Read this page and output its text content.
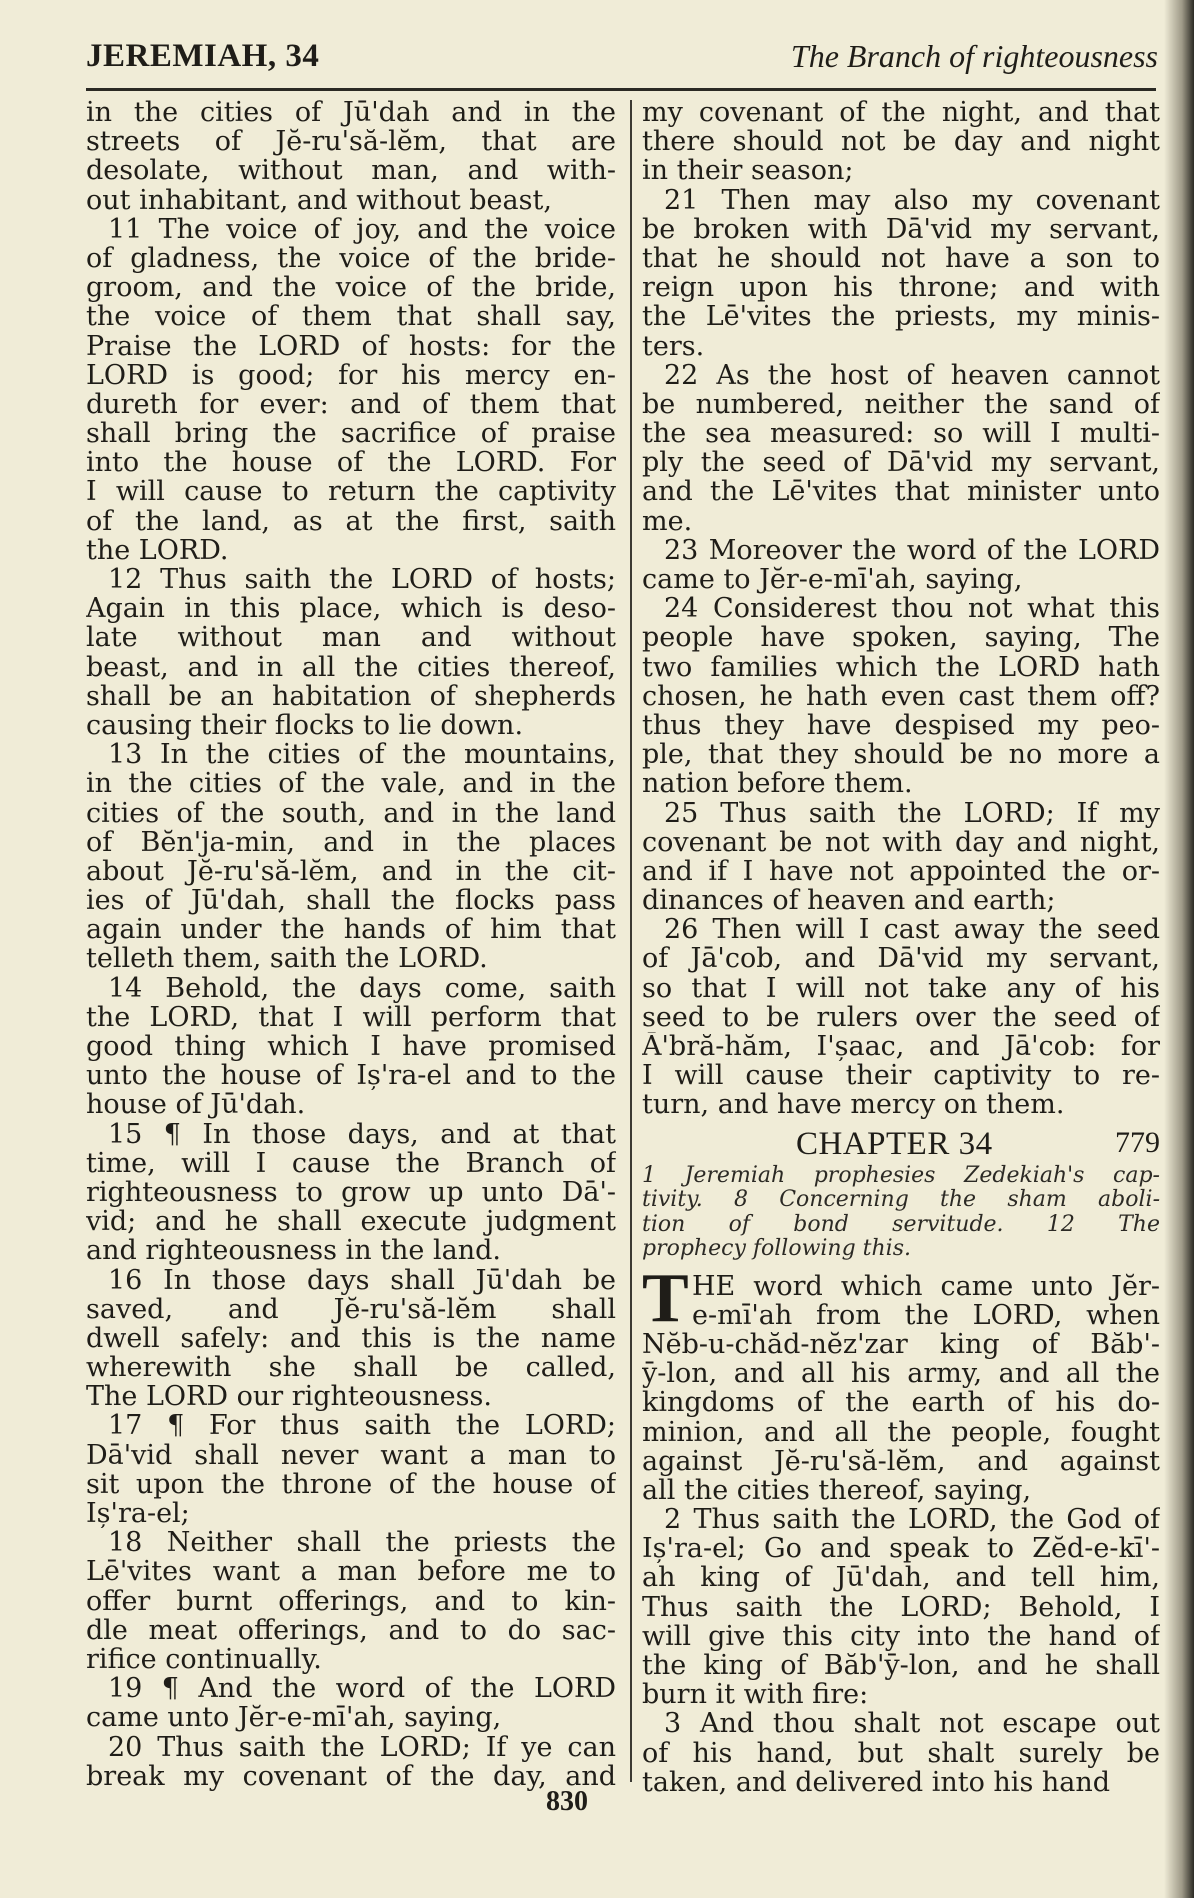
JEREMIAH, 34	The Branch of righteousness
in the cities of Jū'dah and in the
streets of Jĕ-ru'să-lĕm, that are
desolate, without man, and with-
out inhabitant, and without beast,
11 The voice of joy, and the voice
of gladness, the voice of the bride-
groom, and the voice of the bride,
the voice of them that shall say,
Praise the LORD of hosts: for the
LORD is good; for his mercy en-
dureth for ever: and of them that
shall bring the sacrifice of praise
into the house of the LORD. For
I will cause to return the captivity
of the land, as at the first, saith
the LORD.
12 Thus saith the LORD of hosts;
Again in this place, which is deso-
late without man and without
beast, and in all the cities thereof,
shall be an habitation of shepherds
causing their flocks to lie down.
13 In the cities of the mountains,
in the cities of the vale, and in the
cities of the south, and in the land
of Bĕn'ja-min, and in the places
about Jĕ-ru'să-lĕm, and in the cit-
ies of Jū'dah, shall the flocks pass
again under the hands of him that
telleth them, saith the LORD.
14 Behold, the days come, saith
the LORD, that I will perform that
good thing which I have promised
unto the house of Iș'ra-el and to the
house of Jū'dah.
15 ¶ In those days, and at that
time, will I cause the Branch of
righteousness to grow up unto Dā'-
vid; and he shall execute judgment
and righteousness in the land.
16 In those days shall Jū'dah be
saved, and Jĕ-ru'să-lĕm shall
dwell safely: and this is the name
wherewith she shall be called,
The LORD our righteousness.
17 ¶ For thus saith the LORD;
Dā'vid shall never want a man to
sit upon the throne of the house of
Iș'ra-el;
18 Neither shall the priests the
Lē'vites want a man before me to
offer burnt offerings, and to kin-
dle meat offerings, and to do sac-
rifice continually.
19 ¶ And the word of the LORD
came unto Jĕr-e-mī'ah, saying,
20 Thus saith the LORD; If ye can
break my covenant of the day, and
my covenant of the night, and that
there should not be day and night
in their season;
21 Then may also my covenant
be broken with Dā'vid my servant,
that he should not have a son to
reign upon his throne; and with
the Lē'vites the priests, my minis-
ters.
22 As the host of heaven cannot
be numbered, neither the sand of
the sea measured: so will I multi-
ply the seed of Dā'vid my servant,
and the Lē'vites that minister unto
me.
23 Moreover the word of the LORD
came to Jĕr-e-mī'ah, saying,
24 Considerest thou not what this
people have spoken, saying, The
two families which the LORD hath
chosen, he hath even cast them off?
thus they have despised my peo-
ple, that they should be no more a
nation before them.
25 Thus saith the LORD; If my
covenant be not with day and night,
and if I have not appointed the or-
dinances of heaven and earth;
26 Then will I cast away the seed
of Jā'cob, and Dā'vid my servant,
so that I will not take any of his
seed to be rulers over the seed of
Ā'bră-hăm, I'șaac, and Jā'cob: for
I will cause their captivity to re-
turn, and have mercy on them.
CHAPTER 34	779
1 Jeremiah prophesies Zedekiah's cap-
tivity. 8 Concerning the sham aboli-
tion of bond servitude. 12 The
prophecy following this.
T HE word which came unto Jĕr-
e-mī'ah from the LORD, when
Nĕb-u-chăd-nĕz'zar king of Băb'-
ȳ-lon, and all his army, and all the
kingdoms of the earth of his do-
minion, and all the people, fought
against Jĕ-ru'să-lĕm, and against
all the cities thereof, saying,
2 Thus saith the LORD, the God of
Iș'ra-el; Go and speak to Zĕd-e-kī'-
ah king of Jū'dah, and tell him,
Thus saith the LORD; Behold, I
will give this city into the hand of
the king of Băb'ȳ-lon, and he shall
burn it with fire:
3 And thou shalt not escape out
of his hand, but shalt surely be
taken, and delivered into his hand
830
